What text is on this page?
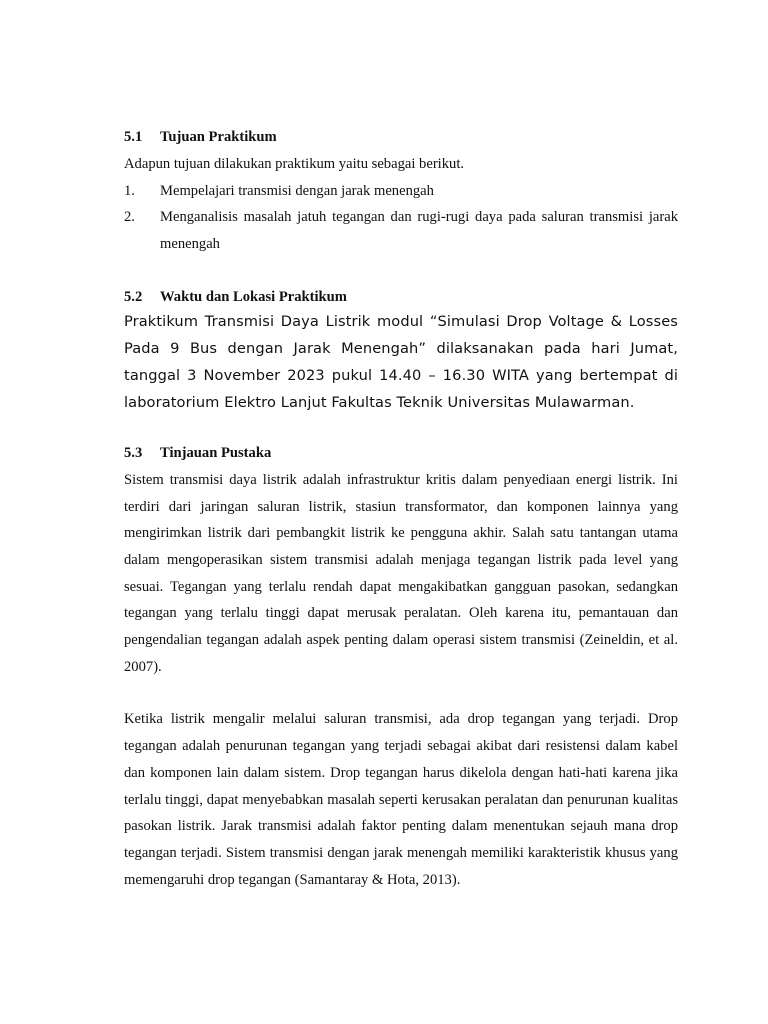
5.1 Tujuan Praktikum
Adapun tujuan dilakukan praktikum yaitu sebagai berikut.
1.	Mempelajari transmisi dengan jarak menengah
2.	Menganalisis masalah jatuh tegangan dan rugi-rugi daya pada saluran transmisi jarak menengah
5.2 Waktu dan Lokasi Praktikum
Praktikum Transmisi Daya Listrik modul “Simulasi Drop Voltage & Losses Pada 9 Bus dengan Jarak Menengah” dilaksanakan pada hari Jumat, tanggal 3 November 2023 pukul 14.40 – 16.30 WITA yang bertempat di laboratorium Elektro Lanjut Fakultas Teknik Universitas Mulawarman.
5.3 Tinjauan Pustaka
Sistem transmisi daya listrik adalah infrastruktur kritis dalam penyediaan energi listrik. Ini terdiri dari jaringan saluran listrik, stasiun transformator, dan komponen lainnya yang mengirimkan listrik dari pembangkit listrik ke pengguna akhir. Salah satu tantangan utama dalam mengoperasikan sistem transmisi adalah menjaga tegangan listrik pada level yang sesuai. Tegangan yang terlalu rendah dapat mengakibatkan gangguan pasokan, sedangkan tegangan yang terlalu tinggi dapat merusak peralatan. Oleh karena itu, pemantauan dan pengendalian tegangan adalah aspek penting dalam operasi sistem transmisi (Zeineldin, et al. 2007).
Ketika listrik mengalir melalui saluran transmisi, ada drop tegangan yang terjadi. Drop tegangan adalah penurunan tegangan yang terjadi sebagai akibat dari resistensi dalam kabel dan komponen lain dalam sistem. Drop tegangan harus dikelola dengan hati-hati karena jika terlalu tinggi, dapat menyebabkan masalah seperti kerusakan peralatan dan penurunan kualitas pasokan listrik. Jarak transmisi adalah faktor penting dalam menentukan sejauh mana drop tegangan terjadi. Sistem transmisi dengan jarak menengah memiliki karakteristik khusus yang memengaruhi drop tegangan (Samantaray & Hota, 2013).
